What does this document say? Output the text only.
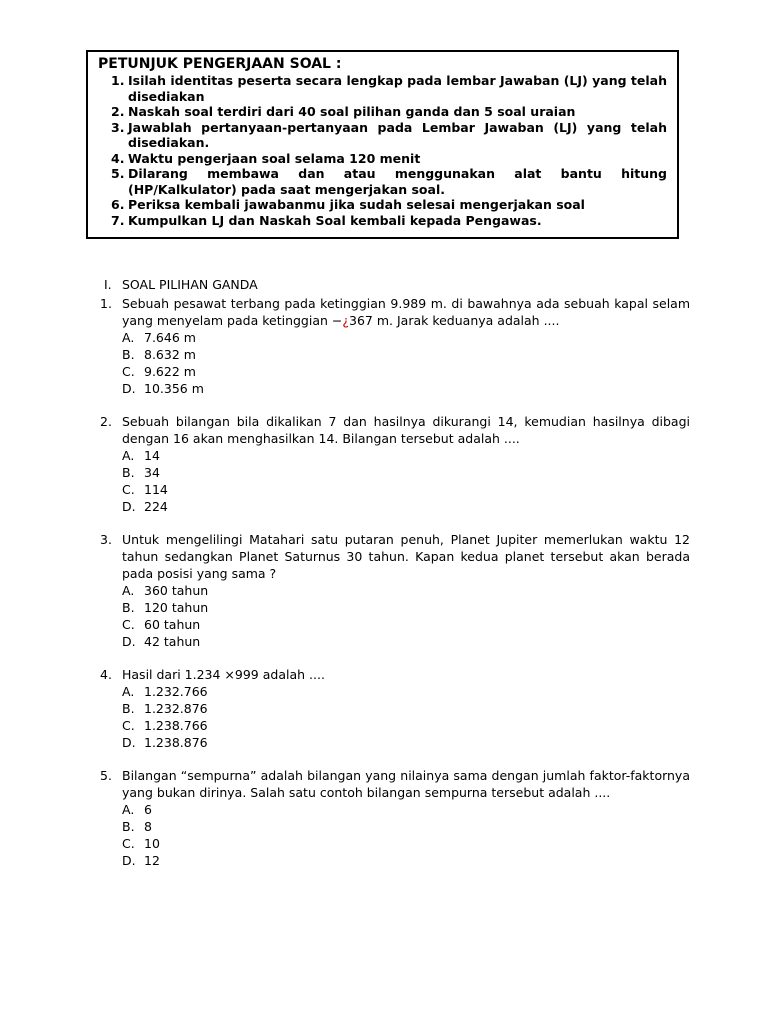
PETUNJUK PENGERJAAN SOAL :
1. Isilah identitas peserta secara lengkap pada lembar Jawaban (LJ) yang telah disediakan
2. Naskah soal terdiri dari 40 soal pilihan ganda dan 5 soal uraian
3. Jawablah pertanyaan-pertanyaan pada Lembar Jawaban (LJ) yang telah disediakan.
4. Waktu pengerjaan soal selama 120 menit
5. Dilarang membawa dan atau menggunakan alat bantu hitung (HP/Kalkulator) pada saat mengerjakan soal.
6. Periksa kembali jawabanmu jika sudah selesai mengerjakan soal
7. Kumpulkan LJ dan Naskah Soal kembali kepada Pengawas.
I. SOAL PILIHAN GANDA
1. Sebuah pesawat terbang pada ketinggian 9.989 m. di bawahnya ada sebuah kapal selam yang menyelam pada ketinggian −¿367 m. Jarak keduanya adalah ....
A. 7.646 m
B. 8.632 m
C. 9.622 m
D. 10.356 m
2. Sebuah bilangan bila dikalikan 7 dan hasilnya dikurangi 14, kemudian hasilnya dibagi dengan 16 akan menghasilkan 14. Bilangan tersebut adalah ....
A. 14
B. 34
C. 114
D. 224
3. Untuk mengelilingi Matahari satu putaran penuh, Planet Jupiter memerlukan waktu 12 tahun sedangkan Planet Saturnus 30 tahun. Kapan kedua planet tersebut akan berada pada posisi yang sama ?
A. 360 tahun
B. 120 tahun
C. 60 tahun
D. 42 tahun
4. Hasil dari 1.234 ×999 adalah ....
A. 1.232.766
B. 1.232.876
C. 1.238.766
D. 1.238.876
5. Bilangan “sempurna” adalah bilangan yang nilainya sama dengan jumlah faktor-faktornya yang bukan dirinya. Salah satu contoh bilangan sempurna tersebut adalah ....
A. 6
B. 8
C. 10
D. 12
